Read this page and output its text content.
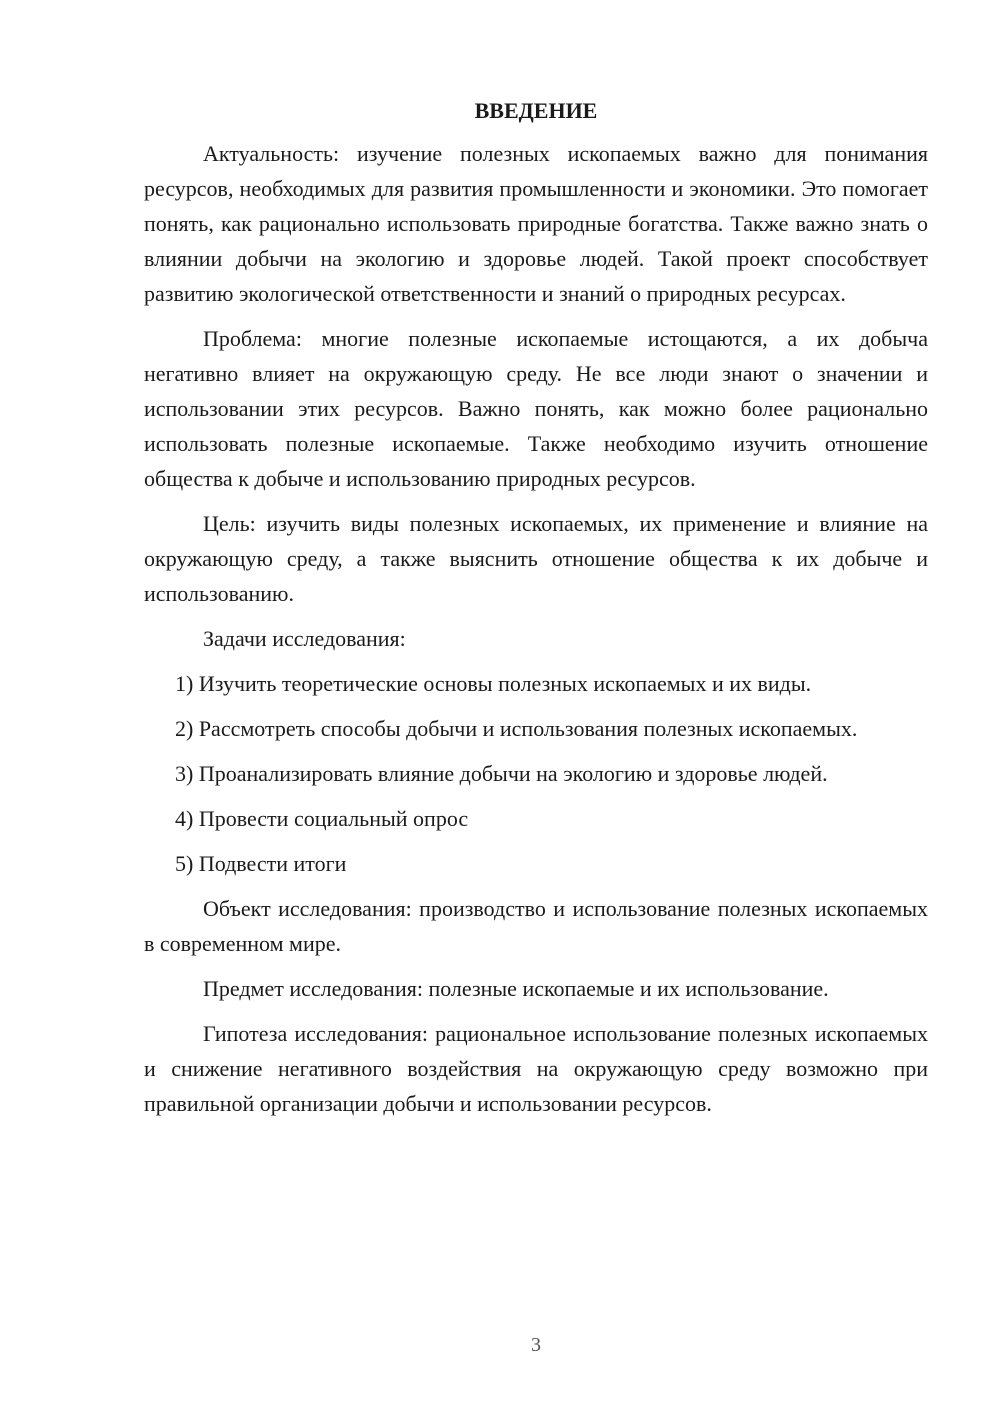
ВВЕДЕНИЕ

Актуальность: изучение полезных ископаемых важно для понимания ресурсов, необходимых для развития промышленности и экономики. Это помогает понять, как рационально использовать природные богатства. Также важно знать о влиянии добычи на экологию и здоровье людей. Такой проект способствует развитию экологической ответственности и знаний о природных ресурсах.

Проблема: многие полезные ископаемые истощаются, а их добыча негативно влияет на окружающую среду. Не все люди знают о значении и использовании этих ресурсов. Важно понять, как можно более рационально использовать полезные ископаемые. Также необходимо изучить отношение общества к добыче и использованию природных ресурсов.

Цель: изучить виды полезных ископаемых, их применение и влияние на окружающую среду, а также выяснить отношение общества к их добыче и использованию.

Задачи исследования:

1) Изучить теоретические основы полезных ископаемых и их виды.

2) Рассмотреть способы добычи и использования полезных ископаемых.

3) Проанализировать влияние добычи на экологию и здоровье людей.

4) Провести социальный опрос

5) Подвести итоги

Объект исследования: производство и использование полезных ископаемых в современном мире.

Предмет исследования: полезные ископаемые и их использование.

Гипотеза исследования: рациональное использование полезных ископаемых и снижение негативного воздействия на окружающую среду возможно при правильной организации добычи и использовании ресурсов.

3
